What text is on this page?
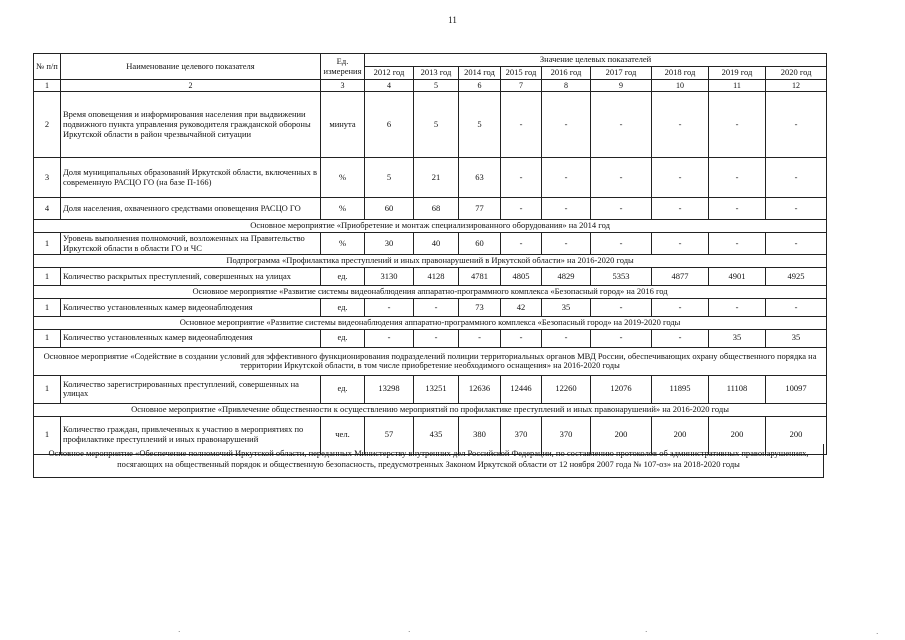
11
№ п/п	Наименование целевого показателя	Ед. измерения	Значение целевых показателей								
			2012 год	2013 год	2014 год	2015 год	2016 год	2017 год	2018 год	2019 год	2020 год
1	2	3	4	5	6	7	8	9	10	11	12
2	Время оповещения и информирования населения при выдвижении подвижного пункта управления руководителя гражданской обороны Иркутской области в район чрезвычайной ситуации	минута	6	5	5	-	-	-	-	-	-
3	Доля муниципальных образований Иркутской области, включенных в современную РАСЦО ГО (на базе П-166)	%	5	21	63	-	-	-	-	-	-
4	Доля населения, охваченного средствами оповещения РАСЦО ГО	%	60	68	77	-	-	-	-	-	-
Основное мероприятие «Приобретение и монтаж специализированного оборудования» на 2014 год											
1	Уровень выполнения полномочий, возложенных на Правительство Иркутской области в области ГО и ЧС	%	30	40	60	-	-	-	-	-	-
Подпрограмма «Профилактика преступлений и иных правонарушений в Иркутской области» на 2016-2020 годы											
1	Количество раскрытых преступлений, совершенных на улицах	ед.	3130	4128	4781	4805	4829	5353	4877	4901	4925
Основное мероприятие «Развитие системы видеонаблюдения аппаратно-программного комплекса «Безопасный город» на 2016 год											
1	Количество установленных камер видеонаблюдения	ед.	-	-	73	42	35	-	-	-	-
Основное мероприятие «Развитие системы видеонаблюдения аппаратно-программного комплекса «Безопасный город» на 2019-2020 годы											
1	Количество установленных камер видеонаблюдения	ед.	-	-	-	-	-	-	-	35	35
Основное мероприятие «Содействие в создании условий для эффективного функционирования подразделений полиции территориальных органов МВД России, обеспечивающих охрану общественного порядка на территории Иркутской области, в том числе приобретение необходимого оснащения» на 2016-2020 годы											
1	Количество зарегистрированных преступлений, совершенных на улицах	ед.	13298	13251	12636	12446	12260	12076	11895	11108	10097
Основное мероприятие «Привлечение общественности к осуществлению мероприятий по профилактике преступлений и иных правонарушений» на 2016-2020 годы											
1	Количество граждан, привлеченных к участию в мероприятиях по профилактике преступлений и иных правонарушений	чел.	57	435	380	370	370	200	200	200	200
Основное мероприятие «Обеспечение полномочий Иркутской области, переданных Министерству внутренних дел Российской Федерации, по составлению протоколов об административных правонарушениях, посягающих на общественный порядок и общественную безопасность, предусмотренных Законом Иркутской области от 12 ноября 2007 года № 107-оз» на 2018-2020 годы
·	·	·	·
